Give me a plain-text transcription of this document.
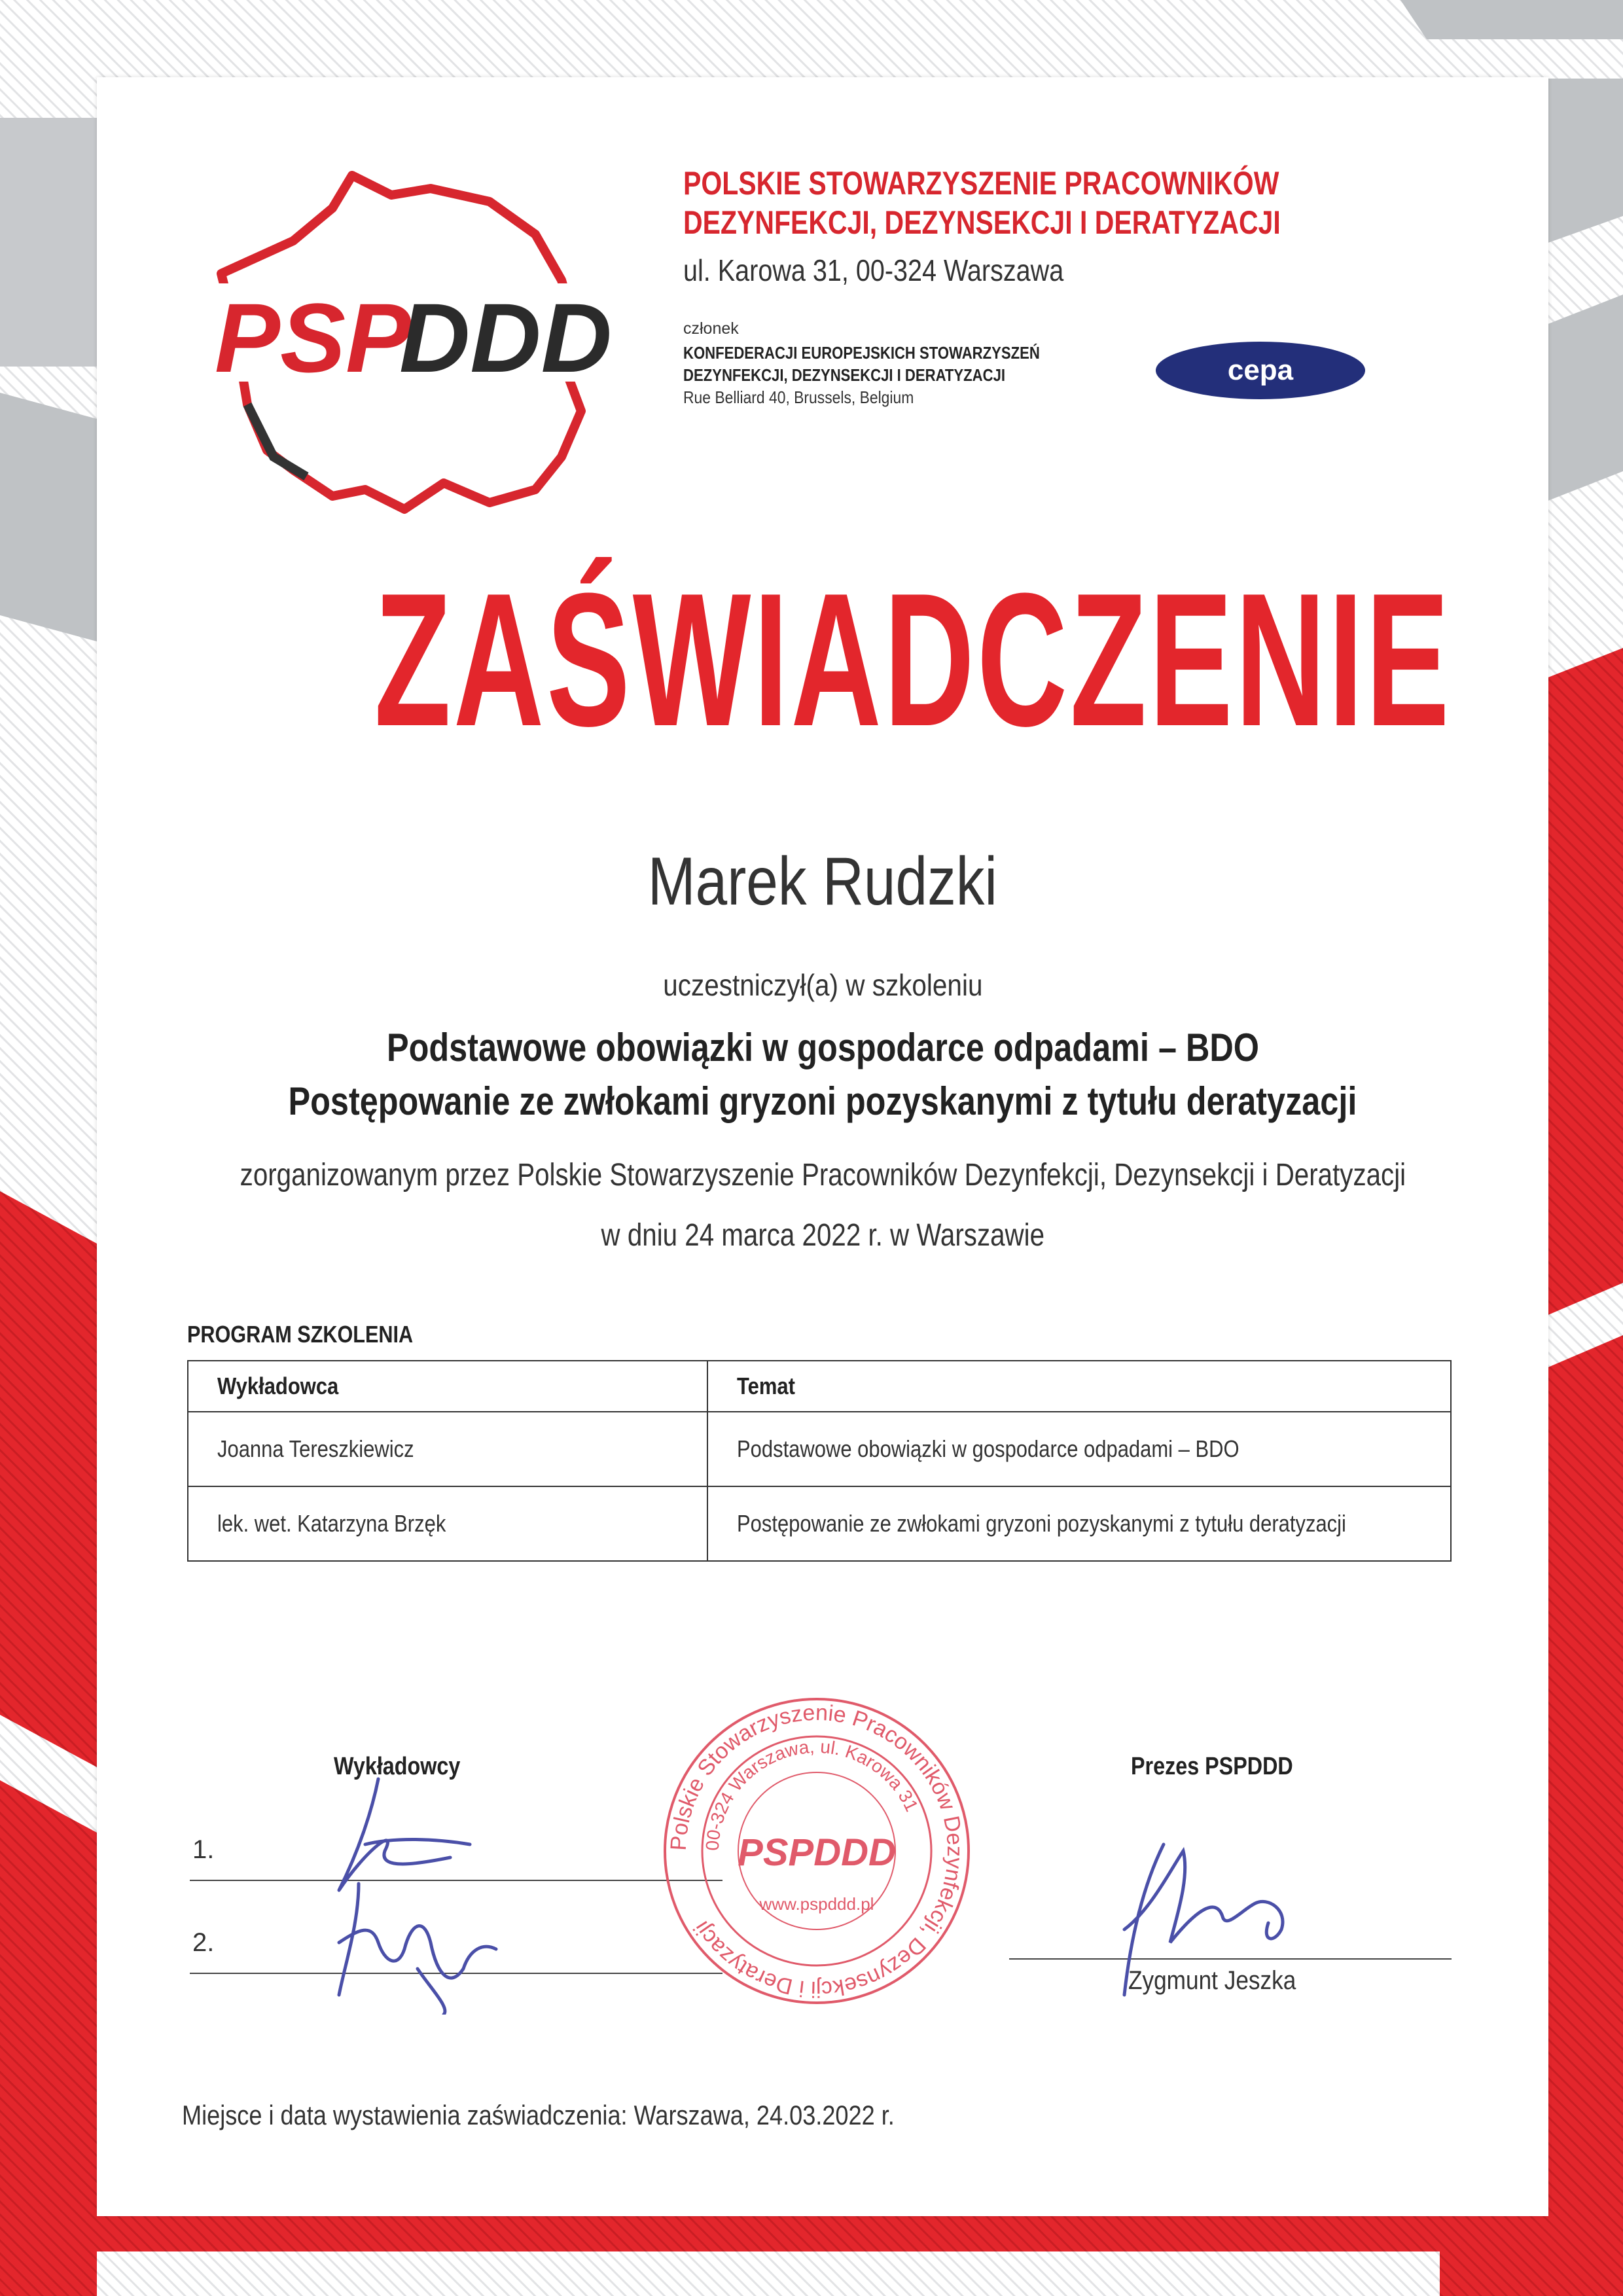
PSP
DDD
POLSKIE STOWARZYSZENIE PRACOWNIKÓW
DEZYNFEKCJI, DEZYNSEKCJI I DERATYZACJI
ul. Karowa 31, 00-324 Warszawa
członek
KONFEDERACJI EUROPEJSKICH STOWARZYSZEŃ
DEZYNFEKCJI, DEZYNSEKCJI I DERATYZACJI
Rue Belliard 40, Brussels, Belgium
cepa
ZAŚWIADCZENIE
Marek Rudzki
uczestniczył(a) w szkoleniu
Podstawowe obowiązki w gospodarce odpadami – BDO
Postępowanie ze zwłokami gryzoni pozyskanymi z tytułu deratyzacji
zorganizowanym przez Polskie Stowarzyszenie Pracowników Dezynfekcji, Dezynsekcji i Deratyzacji
w dniu 24 marca 2022 r. w Warszawie
PROGRAM SZKOLENIA
Wykładowca	Temat
Joanna Tereszkiewicz	Podstawowe obowiązki w gospodarce odpadami – BDO
lek. wet. Katarzyna Brzęk	Postępowanie ze zwłokami gryzoni pozyskanymi z tytułu deratyzacji
Wykładowcy	Prezes PSPDDD
1.
2.
Zygmunt Jeszka
Polskie Stowarzyszenie Pracowników Dezynfekcji, Dezynsekcji i Deratyzacji
00-324 Warszawa, ul. Karowa 31
PSPDDD
www.pspddd.pl
Miejsce i data wystawienia zaświadczenia: Warszawa, 24.03.2022 r.
